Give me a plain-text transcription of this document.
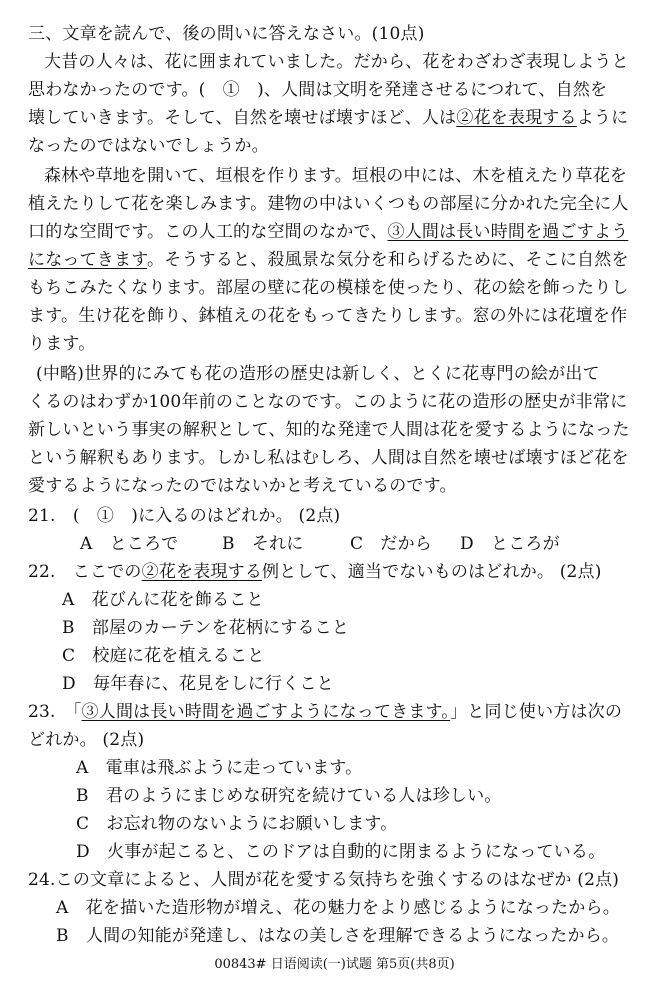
三、文章を読んで、後の問いに答えなさい。(10点)
大昔の人々は、花に囲まれていました。だから、花をわざわざ表現しようと
思わなかったのです。(　①　)、人間は文明を発達させるにつれて、自然を
壊していきます。そして、自然を壊せば壊すほど、人は②花を表現するように
なったのではないでしょうか。
森林や草地を開いて、垣根を作ります。垣根の中には、木を植えたり草花を
植えたりして花を楽しみます。建物の中はいくつもの部屋に分かれた完全に人
口的な空間です。この人工的な空間のなかで、③人間は長い時間を過ごすよう
になってきます。そうすると、殺風景な気分を和らげるために、そこに自然を
もちこみたくなります。部屋の壁に花の模様を使ったり、花の絵を飾ったりし
ます。生け花を飾り、鉢植えの花をもってきたりします。窓の外には花壇を作
ります。
(中略)世界的にみても花の造形の歴史は新しく、とくに花専門の絵が出て
くるのはわずか100年前のことなのです。このように花の造形の歴史が非常に
新しいという事実の解釈として、知的な発達で人間は花を愛するようになった
という解釈もあります。しかし私はむしろ、人間は自然を壊せば壊すほど花を
愛するようになったのではないかと考えているのです。
21.　(　①　)に入るのはどれか。 (2点)
A　ところで	B　それに	C　だから D　ところが
22.　ここでの②花を表現する例として、適当でないものはどれか。 (2点)
A　花びんに花を飾ること
B　部屋のカーテンを花柄にすること
C　校庭に花を植えること
D　毎年春に、花見をしに行くこと
23.　「③人間は長い時間を過ごすようになってきます。」と同じ使い方は次の
どれか。 (2点)
A　電車は飛ぶように走っています。
B　君のようにまじめな研究を続けている人は珍しい。
C　お忘れ物のないようにお願いします。
D　火事が起こると、このドアは自動的に閉まるようになっている。
24.この文章によると、人間が花を愛する気持ちを強くするのはなぜか (2点)
A　花を描いた造形物が増え、花の魅力をより感じるようになったから。
B　人間の知能が発達し、はなの美しさを理解できるようになったから。
00843# 日语阅读(一)试题 第5页(共8页)
